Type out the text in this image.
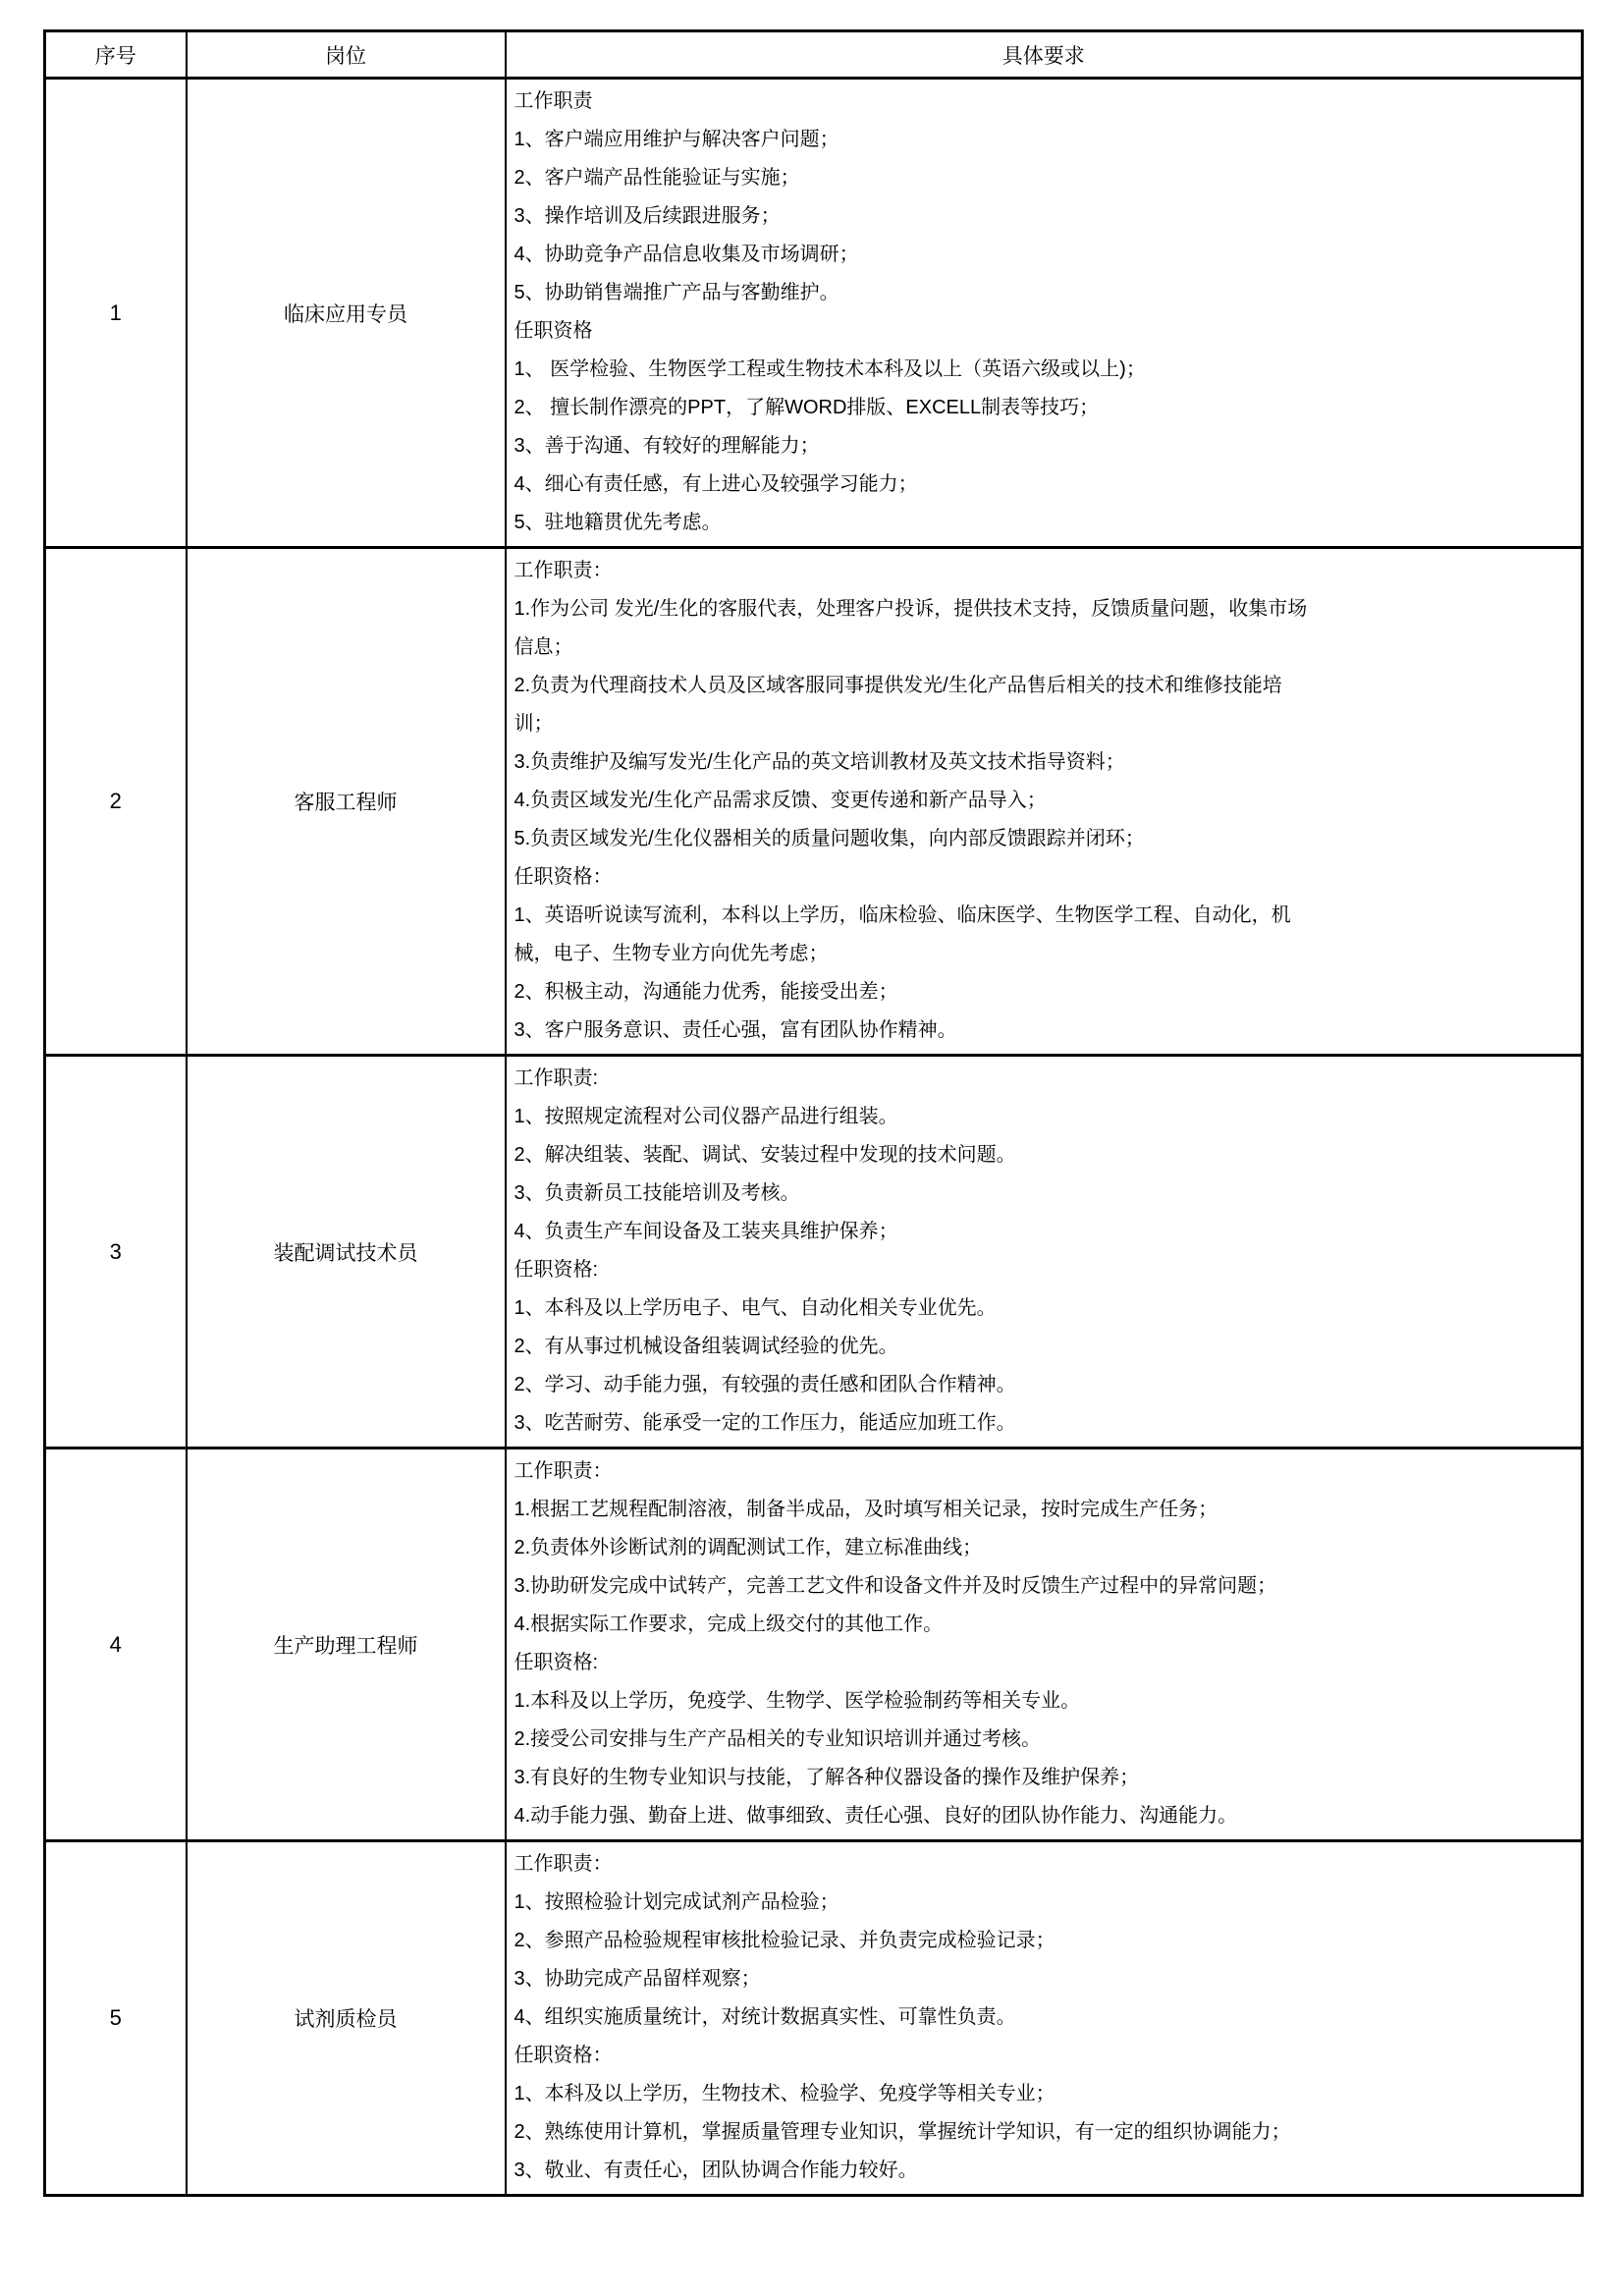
序号	岗位	具体要求
1	临床应用专员	
工作职责
1、客户端应用维护与解决客户问题；
2、客户端产品性能验证与实施；
3、操作培训及后续跟进服务；
4、协助竞争产品信息收集及市场调研；
5、协助销售端推广产品与客勤维护。
任职资格
1、 医学检验、生物医学工程或生物技术本科及以上（英语六级或以上)；
2、 擅长制作漂亮的PPT，了解WORD排版、EXCELL制表等技巧；
3、善于沟通、有较好的理解能力；
4、细心有责任感，有上进心及较强学习能力；
5、驻地籍贯优先考虑。

2	客服工程师	
工作职责：
1.作为公司 发光/生化的客服代表，处理客户投诉，提供技术支持，反馈质量问题，收集市场
信息；
2.负责为代理商技术人员及区域客服同事提供发光/生化产品售后相关的技术和维修技能培
训；
3.负责维护及编写发光/生化产品的英文培训教材及英文技术指导资料；
4.负责区域发光/生化产品需求反馈、变更传递和新产品导入；
5.负责区域发光/生化仪器相关的质量问题收集，向内部反馈跟踪并闭环；
任职资格：
1、英语听说读写流利，本科以上学历，临床检验、临床医学、生物医学工程、自动化，机
械，电子、生物专业方向优先考虑；
2、积极主动，沟通能力优秀，能接受出差；
3、客户服务意识、责任心强，富有团队协作精神。

3	装配调试技术员	
工作职责:
1、按照规定流程对公司仪器产品进行组装。
2、解决组装、装配、调试、安装过程中发现的技术问题。
3、负责新员工技能培训及考核。
4、负责生产车间设备及工装夹具维护保养；
任职资格:
1、本科及以上学历电子、电气、自动化相关专业优先。
2、有从事过机械设备组装调试经验的优先。
2、学习、动手能力强，有较强的责任感和团队合作精神。
3、吃苦耐劳、能承受一定的工作压力，能适应加班工作。

4	生产助理工程师	
工作职责：
1.根据工艺规程配制溶液，制备半成品，及时填写相关记录，按时完成生产任务；
2.负责体外诊断试剂的调配测试工作，建立标准曲线；
3.协助研发完成中试转产，完善工艺文件和设备文件并及时反馈生产过程中的异常问题；
4.根据实际工作要求，完成上级交付的其他工作。
任职资格:
1.本科及以上学历，免疫学、生物学、医学检验制药等相关专业。
2.接受公司安排与生产产品相关的专业知识培训并通过考核。
3.有良好的生物专业知识与技能，了解各种仪器设备的操作及维护保养；
4.动手能力强、勤奋上进、做事细致、责任心强、良好的团队协作能力、沟通能力。

5	试剂质检员	
工作职责：
1、按照检验计划完成试剂产品检验；
2、参照产品检验规程审核批检验记录、并负责完成检验记录；
3、协助完成产品留样观察；
4、组织实施质量统计，对统计数据真实性、可靠性负责。
任职资格：
1、本科及以上学历，生物技术、检验学、免疫学等相关专业；
2、熟练使用计算机，掌握质量管理专业知识，掌握统计学知识，有一定的组织协调能力；
3、敬业、有责任心，团队协调合作能力较好。
